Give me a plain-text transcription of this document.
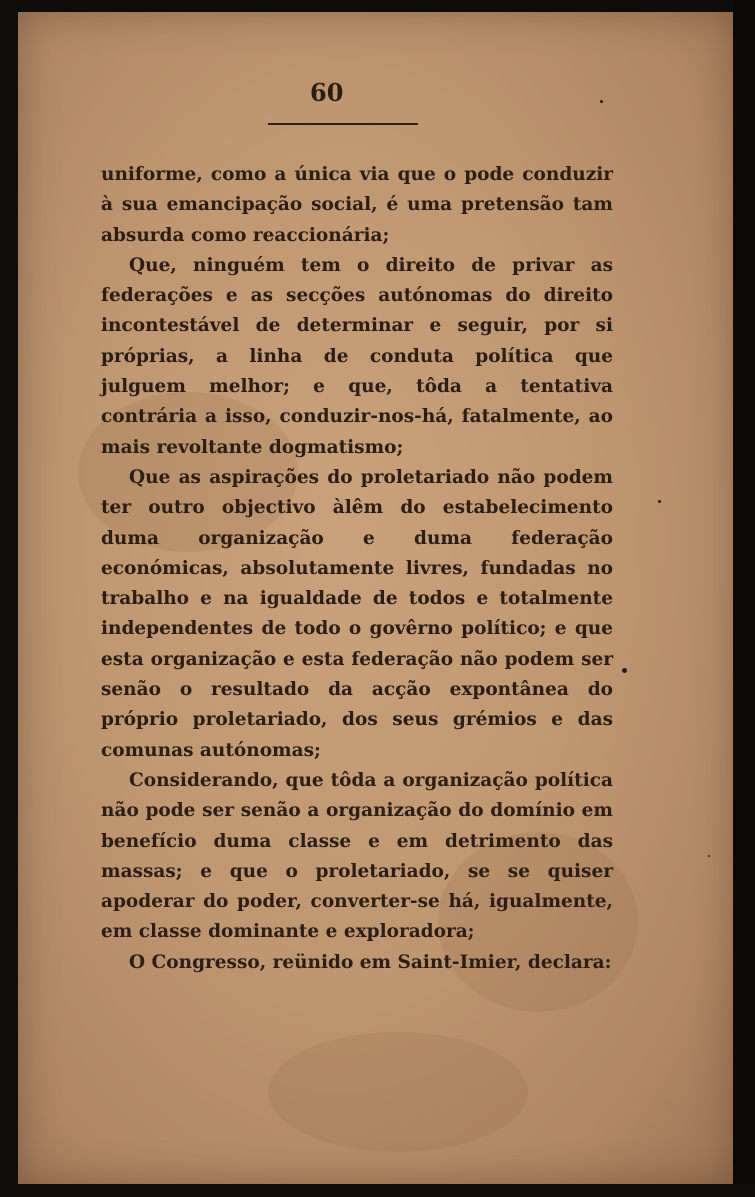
60

uniforme, como a única via que o pode conduzir à sua emancipação social, é uma pretensão tam absurda como reaccionária;

Que, ninguém tem o direito de privar as federações e as secções autónomas do direito incontestável de determinar e seguir, por si próprias, a linha de conduta política que julguem melhor; e que, tôda a tentativa contrária a isso, conduzir-nos-há, fatalmente, ao mais revoltante dogmatismo;

Que as aspirações do proletariado não podem ter outro objectivo àlêm do estabelecimento duma organização e duma federação económicas, absolutamente livres, fundadas no trabalho e na igualdade de todos e totalmente independentes de todo o govêrno político; e que esta organização e esta federação não podem ser senão o resultado da acção expontânea do próprio proletariado, dos seus grémios e das comunas autónomas;

Considerando, que tôda a organização política não pode ser senão a organização do domínio em benefício duma classe e em detrimento das massas; e que o proletariado, se se quiser apoderar do poder, converter-se há, igualmente, em classe dominante e exploradora;

O Congresso, reünido em Saint-Imier, declara:
